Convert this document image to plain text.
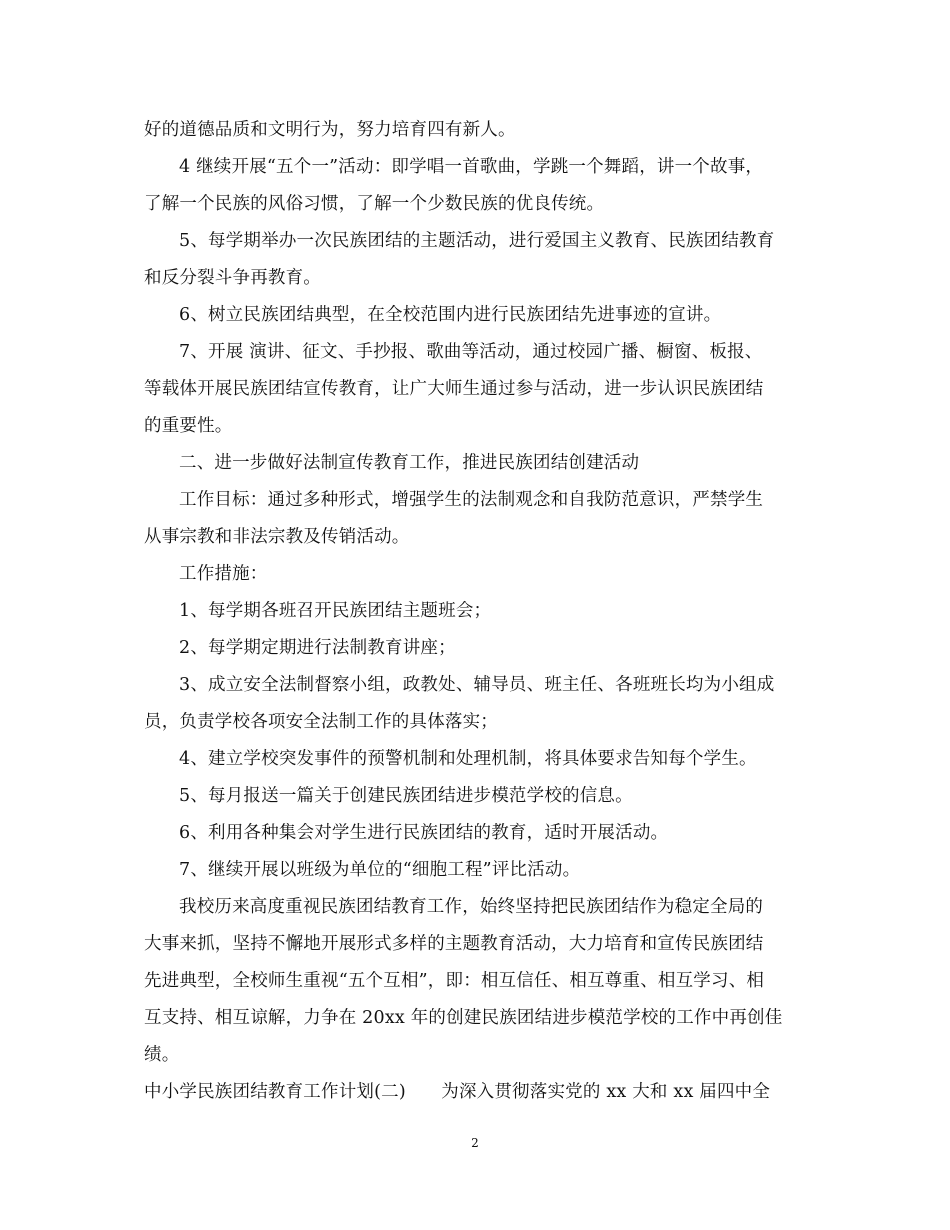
好的道德品质和文明行为，努力培育四有新人。
4 继续开展“五个一”活动：即学唱一首歌曲，学跳一个舞蹈，讲一个故事，
了解一个民族的风俗习惯，了解一个少数民族的优良传统。
5、每学期举办一次民族团结的主题活动，进行爱国主义教育、民族团结教育
和反分裂斗争再教育。
6、树立民族团结典型，在全校范围内进行民族团结先进事迹的宣讲。
7、开展 演讲、征文、手抄报、歌曲等活动，通过校园广播、橱窗、板报、
等载体开展民族团结宣传教育，让广大师生通过参与活动，进一步认识民族团结
的重要性。
二、进一步做好法制宣传教育工作，推进民族团结创建活动
工作目标：通过多种形式，增强学生的法制观念和自我防范意识，严禁学生
从事宗教和非法宗教及传销活动。
工作措施：
1、每学期各班召开民族团结主题班会；
2、每学期定期进行法制教育讲座；
3、成立安全法制督察小组，政教处、辅导员、班主任、各班班长均为小组成
员，负责学校各项安全法制工作的具体落实；
4、建立学校突发事件的预警机制和处理机制，将具体要求告知每个学生。
5、每月报送一篇关于创建民族团结进步模范学校的信息。
6、利用各种集会对学生进行民族团结的教育，适时开展活动。
7、继续开展以班级为单位的“细胞工程”评比活动。
我校历来高度重视民族团结教育工作，始终坚持把民族团结作为稳定全局的
大事来抓，坚持不懈地开展形式多样的主题教育活动，大力培育和宣传民族团结
先进典型，全校师生重视“五个互相”，即：相互信任、相互尊重、相互学习、相
互支持、相互谅解，力争在 20xx 年的创建民族团结进步模范学校的工作中再创佳
绩。
中小学民族团结教育工作计划(二)　　为深入贯彻落实党的 xx 大和 xx 届四中全
2
